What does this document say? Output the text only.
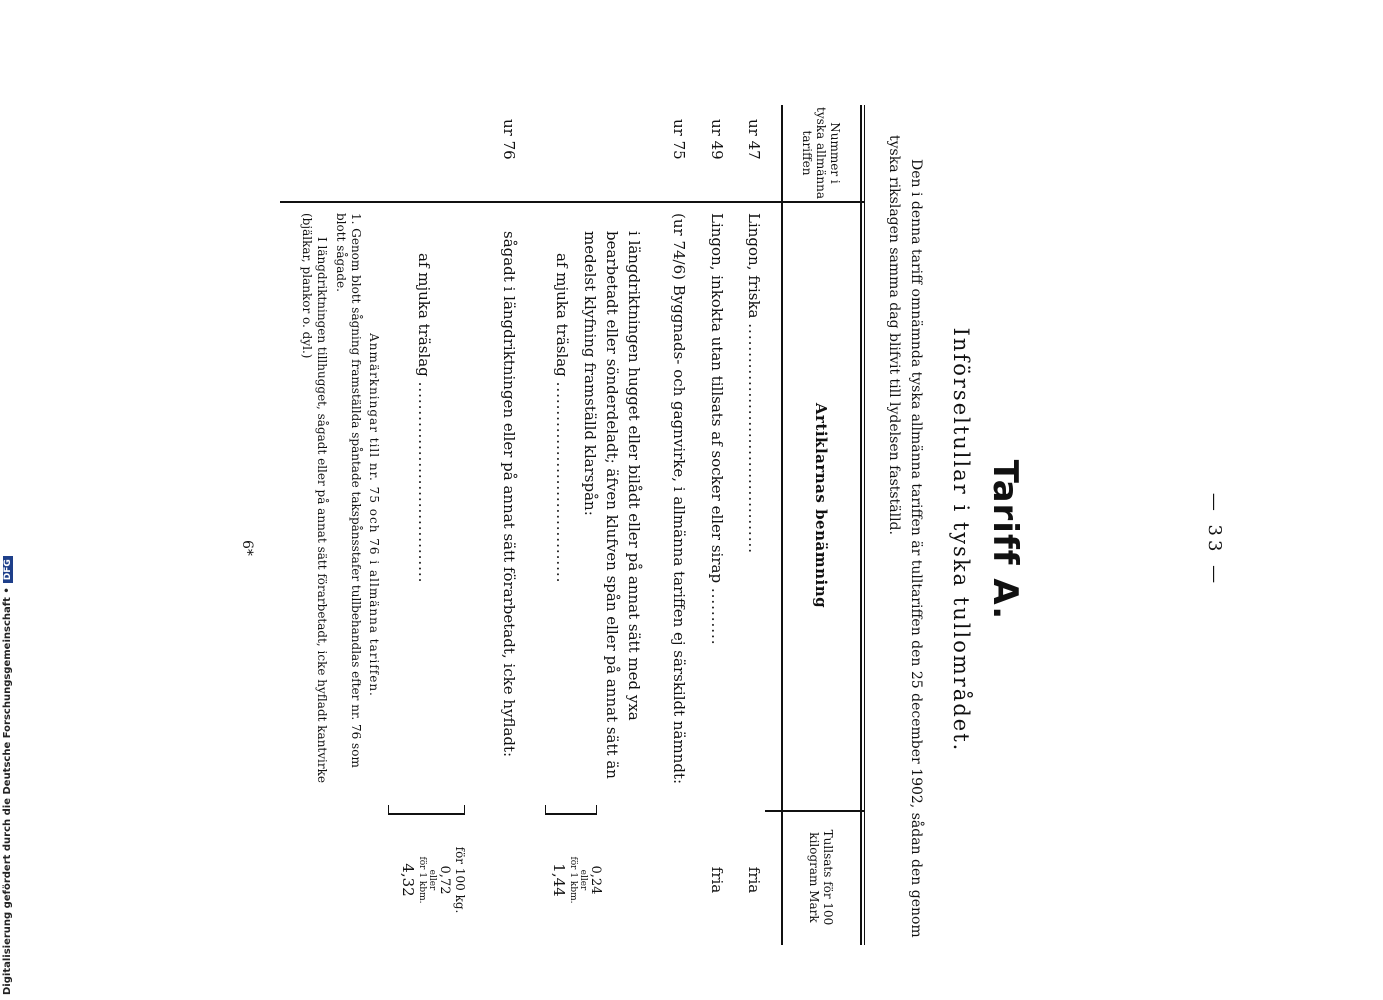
— 33 —
Tariff A.
Införseltullar i tyska tullområdet.
Den i denna tariff omnämnda tyska allmänna tariffen är tulltariffen den 25 december 1902, sådan den genom tyska rikslagen samma dag blifvit till lydelsen fastställd.
Nummer i tyska allmänna tariffen
Artiklarnas benämning
Tullsats för 100 kilogram Mark
ur 47
Lingon, friska ........................................
fria
ur 49
Lingon, inkokta utan tillsats af socker eller sirap ..........
fria
ur 75
(ur 74/6) Byggnads- och gagnvirke, i allmänna tariffen ej särskildt nämndt:
i längdriktningen hugget eller bilådt eller på annat sätt med yxa bearbetadt eller sönderdeladt; äfven klufven spån eller på annat sätt än medelst klyfning framställd klarspån:
af mjuka träslag ...................................
0,24
eller
för 1 kbm.
1,44
ur 76
sågadt i längdriktningen eller på annat sätt förarbetadt, icke hyfladt:
af mjuka träslag ...................................
för 100 kg.
0,72
eller
för 1 kbm.
4,32
Anmärkningar till nr. 75 och 76 i allmänna tariffen.
1. Genom blott sågning framställda spåntade takspånsstafer tullbehandlas efter nr. 76 som blott sågade.
I längdriktningen tillhugget, sågadt eller på annat sätt förarbetadt, icke hyfladt kantvirke (bjälkar, plankor o. dyl.)
6*
Digitalisierung gefördert durch die Deutsche Forschungsgemeinschaft •DFG
